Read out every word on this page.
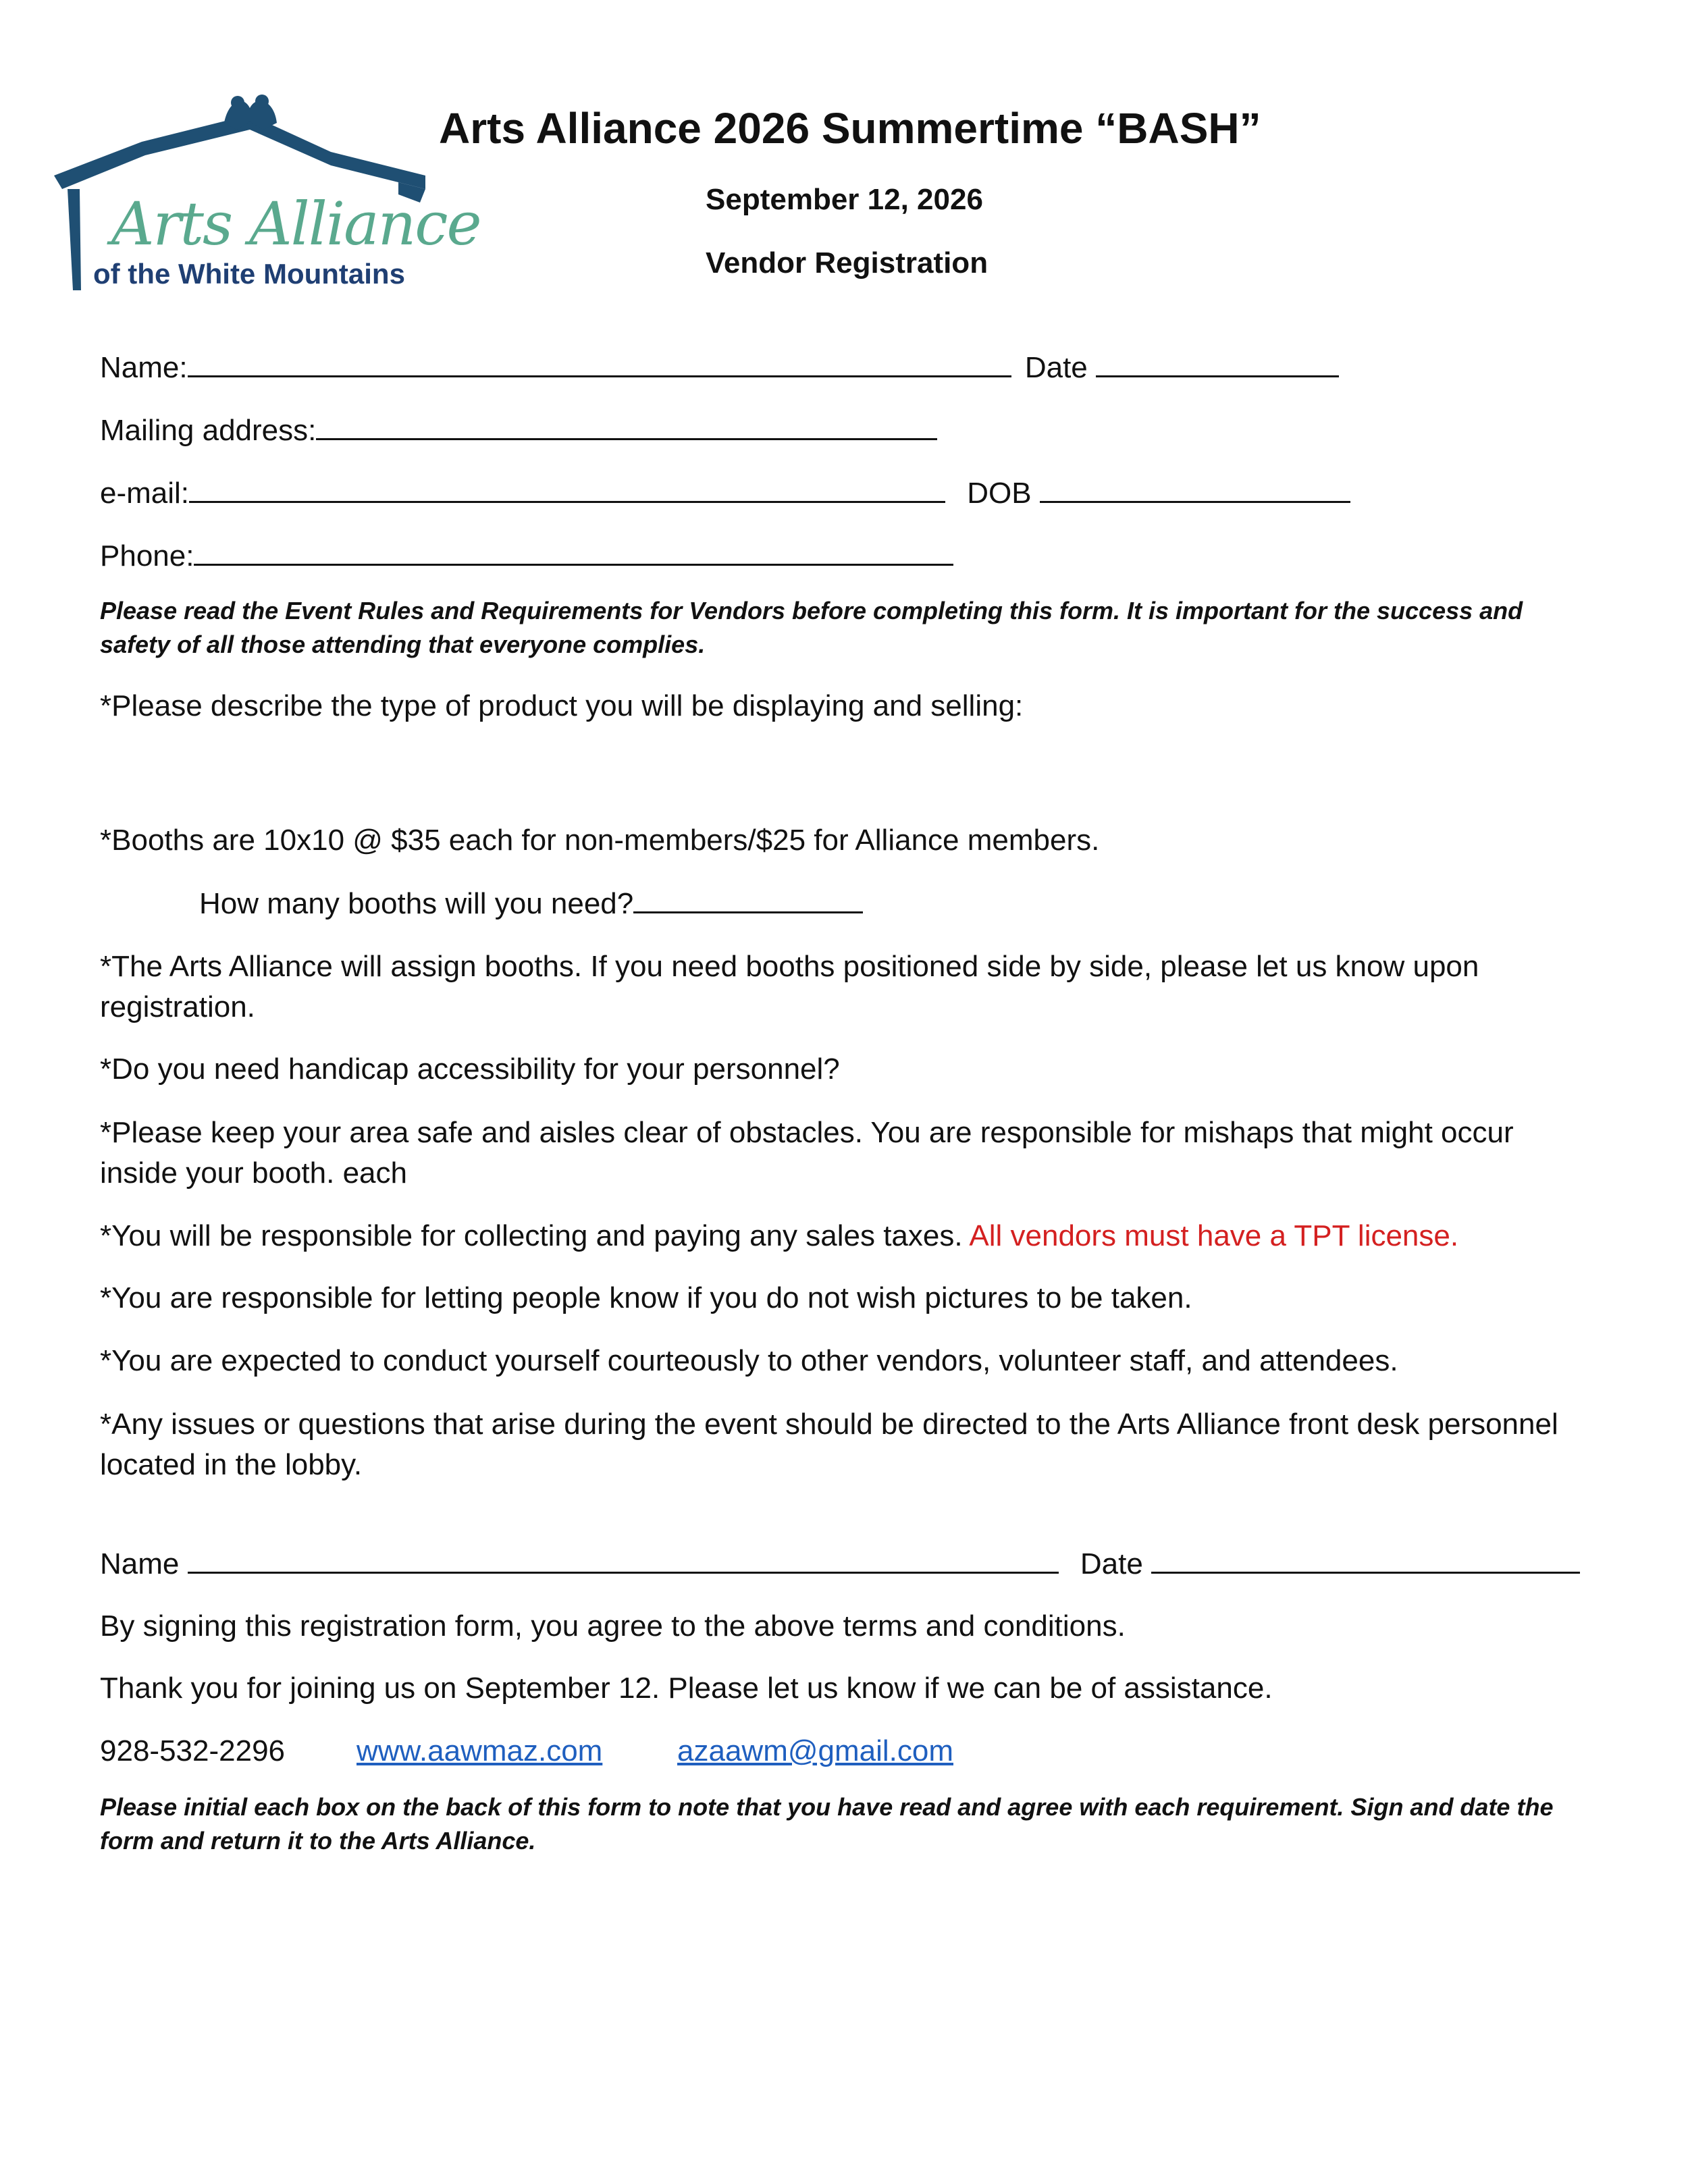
Arts Alliance
of the White Mountains
Arts Alliance 2026 Summertime “BASH”
September 12, 2026
Vendor Registration
Name:	Date
Mailing address:
e-mail:	DOB
Phone:
Please read the Event Rules and Requirements for Vendors before completing this form. It is important for the success and safety of all those attending that everyone complies.
*Please describe the type of product you will be displaying and selling:
*Booths are 10x10 @ $35 each for non-members/$25 for Alliance members.
How many booths will you need?
*The Arts Alliance will assign booths. If you need booths positioned side by side, please let us know upon registration.
*Do you need handicap accessibility for your personnel?
*Please keep your area safe and aisles clear of obstacles. You are responsible for mishaps that might occur inside your booth. each
*You will be responsible for collecting and paying any sales taxes. All vendors must have a TPT license.
*You are responsible for letting people know if you do not wish pictures to be taken.
*You are expected to conduct yourself courteously to other vendors, volunteer staff, and attendees.
*Any issues or questions that arise during the event should be directed to the Arts Alliance front desk personnel located in the lobby.
Name	Date
By signing this registration form, you agree to the above terms and conditions.
Thank you for joining us on September 12. Please let us know if we can be of assistance.
928-532-2296 www.aawmaz.com	azaawm@gmail.com
Please initial each box on the back of this form to note that you have read and agree with each requirement. Sign and date the form and return it to the Arts Alliance.
